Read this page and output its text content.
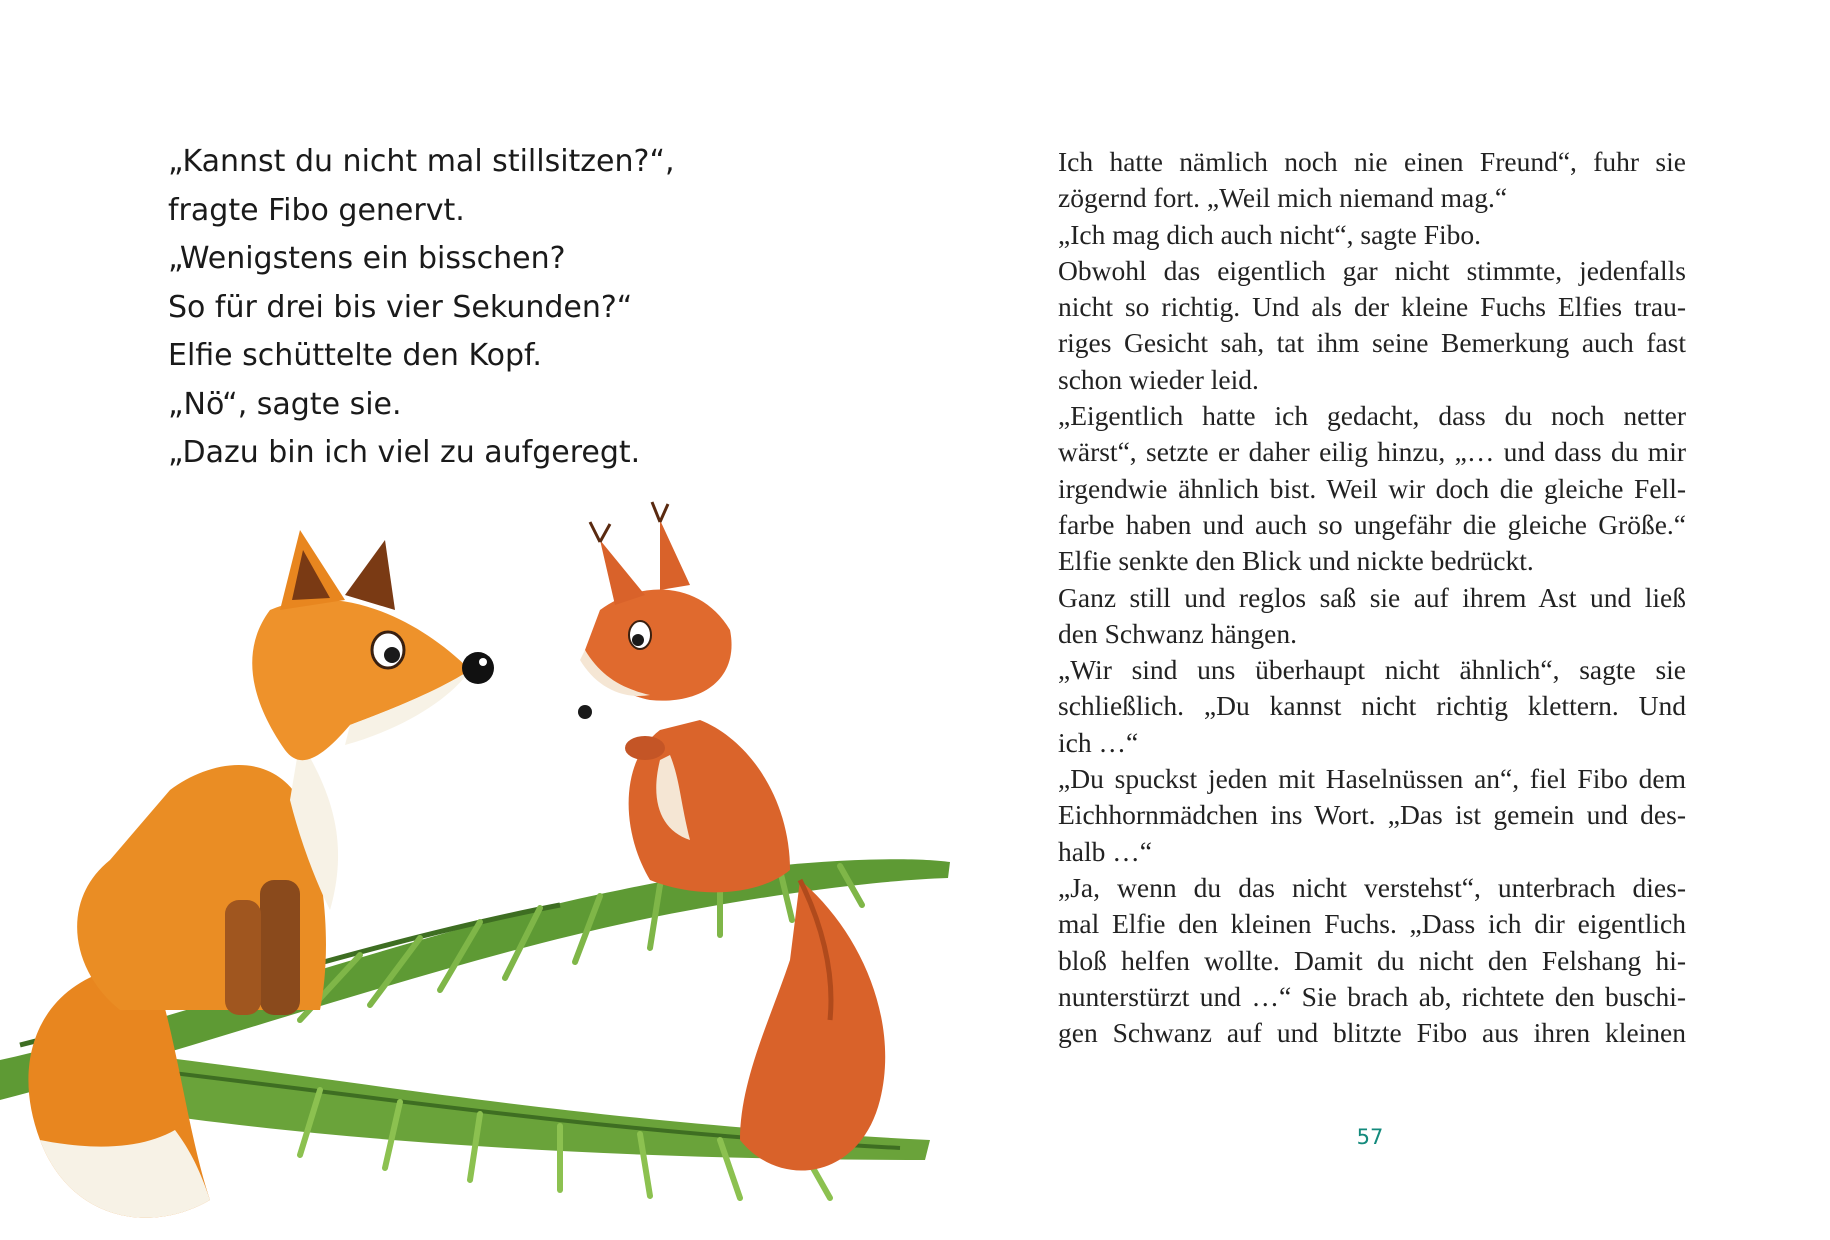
„Kannst du nicht mal stillsitzen?“,
fragte Fibo genervt.
„Wenigstens ein bisschen?
So für drei bis vier Sekunden?“
Elfie schüttelte den Kopf.
„Nö“, sagte sie.
„Dazu bin ich viel zu aufgeregt.
Ich hatte nämlich noch nie einen Freund“, fuhr sie
zögernd fort. „Weil mich niemand mag.“
„Ich mag dich auch nicht“, sagte Fibo.
Obwohl das eigentlich gar nicht stimmte, jedenfalls
nicht so richtig. Und als der kleine Fuchs Elfies trau-
riges Gesicht sah, tat ihm seine Bemerkung auch fast
schon wieder leid.
„Eigentlich hatte ich gedacht, dass du noch netter
wärst“, setzte er daher eilig hinzu, „… und dass du mir
irgendwie ähnlich bist. Weil wir doch die gleiche Fell-
farbe haben und auch so ungefähr die gleiche Größe.“
Elfie senkte den Blick und nickte bedrückt.
Ganz still und reglos saß sie auf ihrem Ast und ließ
den Schwanz hängen.
„Wir sind uns überhaupt nicht ähnlich“, sagte sie
schließlich. „Du kannst nicht richtig klettern. Und
ich …“
„Du spuckst jeden mit Haselnüssen an“, fiel Fibo dem
Eichhornmädchen ins Wort. „Das ist gemein und des-
halb …“
„Ja, wenn du das nicht verstehst“, unterbrach dies-
mal Elfie den kleinen Fuchs. „Dass ich dir eigentlich
bloß helfen wollte. Damit du nicht den Felshang hi-
nunterstürzt und …“ Sie brach ab, richtete den buschi-
gen Schwanz auf und blitzte Fibo aus ihren kleinen
57
